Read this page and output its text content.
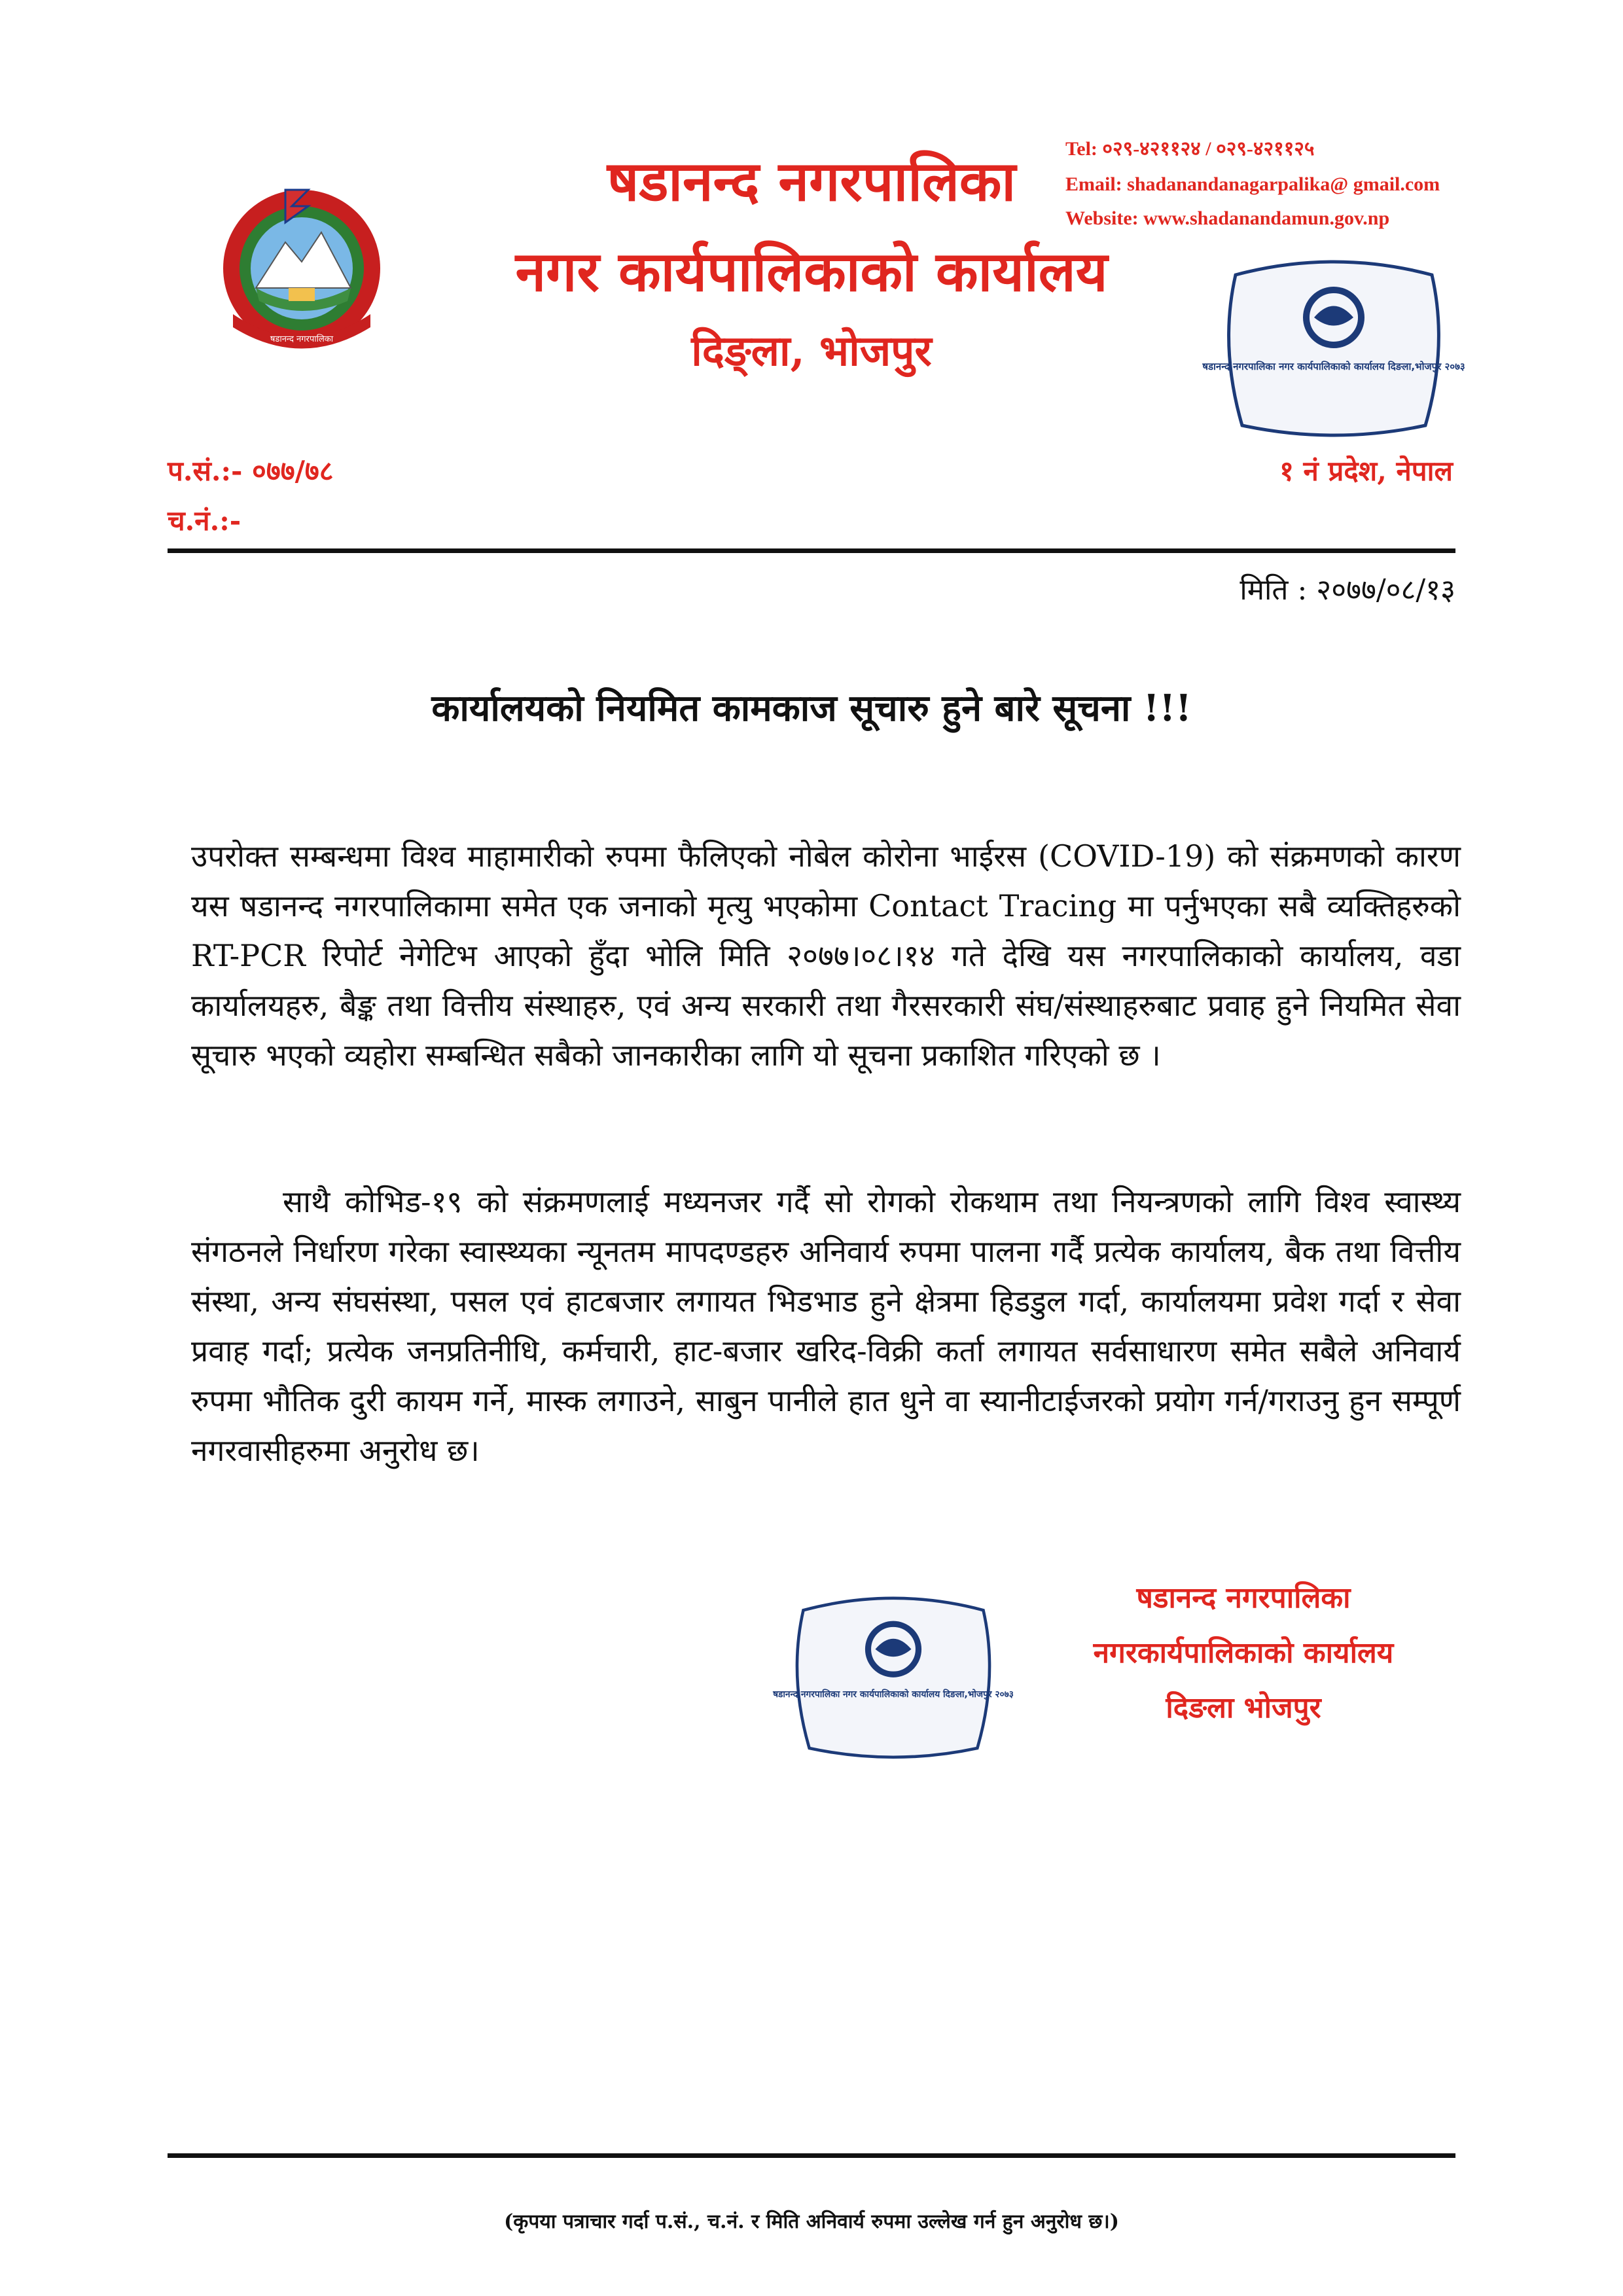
षडानन्द नगरपालिका
षडानन्द नगरपालिका
नगर कार्यपालिकाको कार्यालय
दिङ्ला, भोजपुर
Tel: ०२९-४२११२४ / ०२९-४२११२५
Email: shadanandanagarpalika@ gmail.com
Website: www.shadanandamun.gov.np
षडानन्द नगरपालिका नगर कार्यपालिकाको कार्यालय दिङला,भोजपुर २०७३
प.सं.:- ०७७/७८
च.नं.:-
१ नं प्रदेश, नेपाल
मिति : २०७७/०८/१३
कार्यालयको नियमित कामकाज सूचारु हुने बारे सूचना !!!
उपरोक्त सम्बन्धमा विश्व माहामारीको रुपमा फैलिएको नोबेल कोरोना भाईरस (COVID-19) को संक्रमणको कारण यस षडानन्द नगरपालिकामा समेत एक जनाको मृत्यु भएकोमा Contact Tracing मा पर्नुभएका सबै व्यक्तिहरुको RT-PCR रिपोर्ट नेगेटिभ आएको हुँदा भोलि मिति २०७७।०८।१४ गते देखि यस नगरपालिकाको कार्यालय, वडा कार्यालयहरु, बैङ्क तथा वित्तीय संस्थाहरु, एवं अन्य सरकारी तथा गैरसरकारी संघ/संस्थाहरुबाट प्रवाह हुने नियमित सेवा सूचारु भएको व्यहोरा सम्बन्धित सबैको जानकारीका लागि यो सूचना प्रकाशित गरिएको छ ।
साथै कोभिड-१९ को संक्रमणलाई मध्यनजर गर्दै सो रोगको रोकथाम तथा नियन्त्रणको लागि विश्व स्वास्थ्य संगठनले निर्धारण गरेका स्वास्थ्यका न्यूनतम मापदण्डहरु अनिवार्य रुपमा पालना गर्दै प्रत्येक कार्यालय, बैक तथा वित्तीय संस्था, अन्य संघसंस्था, पसल एवं हाटबजार लगायत भिडभाड हुने क्षेत्रमा हिडडुल गर्दा, कार्यालयमा प्रवेश गर्दा र सेवा प्रवाह गर्दा; प्रत्येक जनप्रतिनीधि, कर्मचारी, हाट-बजार खरिद-विक्री कर्ता लगायत सर्वसाधारण समेत सबैले अनिवार्य रुपमा भौतिक दुरी कायम गर्ने, मास्क लगाउने, साबुन पानीले हात धुने वा स्यानीटाईजरको प्रयोग गर्न/गराउनु हुन सम्पूर्ण नगरवासीहरुमा अनुरोध छ।
षडानन्द नगरपालिका नगर कार्यपालिकाको कार्यालय दिङला,भोजपुर २०७३
षडानन्द नगरपालिका
नगरकार्यपालिकाको कार्यालय
दिङला भोजपुर
(कृपया पत्राचार गर्दा प.सं., च.नं. र मिति अनिवार्य रुपमा उल्लेख गर्न हुन अनुरोध छ।)
